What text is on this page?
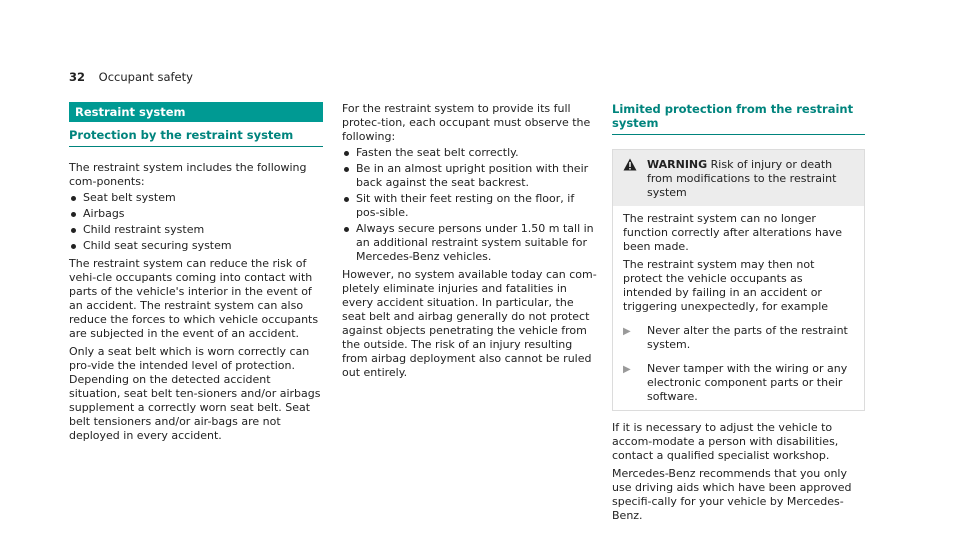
32 Occupant safety
Restraint system
Protection by the restraint system

The restraint system includes the following com-ponents:

Seat belt system
Airbags
Child restraint system
Child seat securing system

The restraint system can reduce the risk of vehi-cle occupants coming into contact with parts of the vehicle's interior in the event of an accident. The restraint system can also reduce the forces to which vehicle occupants are subjected in the event of an accident.

Only a seat belt which is worn correctly can pro-vide the intended level of protection. Depending on the detected accident situation, seat belt ten-sioners and/or airbags supplement a correctly worn seat belt. Seat belt tensioners and/or air-bags are not deployed in every accident.

For the restraint system to provide its full protec-tion, each occupant must observe the following:

Fasten the seat belt correctly.
Be in an almost upright position with their back against the seat backrest.
Sit with their feet resting on the floor, if pos-sible.
Always secure persons under 1.50 m tall in an additional restraint system suitable for Mercedes-Benz vehicles.

However, no system available today can com-pletely eliminate injuries and fatalities in every accident situation. In particular, the seat belt and airbag generally do not protect against objects penetrating the vehicle from the outside. The risk of an injury resulting from airbag deployment also cannot be ruled out entirely.

Limited protection from the restraint system
WARNING Risk of injury or death from modifications to the restraint system

The restraint system can no longer function correctly after alterations have been made.

The restraint system may then not protect the vehicle occupants as intended by failing in an accident or triggering unexpectedly, for example

▶	Never alter the parts of the restraint system.
▶	Never tamper with the wiring or any electronic component parts or their software.

If it is necessary to adjust the vehicle to accom-modate a person with disabilities, contact a qualified specialist workshop.

Mercedes-Benz recommends that you only use driving aids which have been approved specifi-cally for your vehicle by Mercedes-Benz.
